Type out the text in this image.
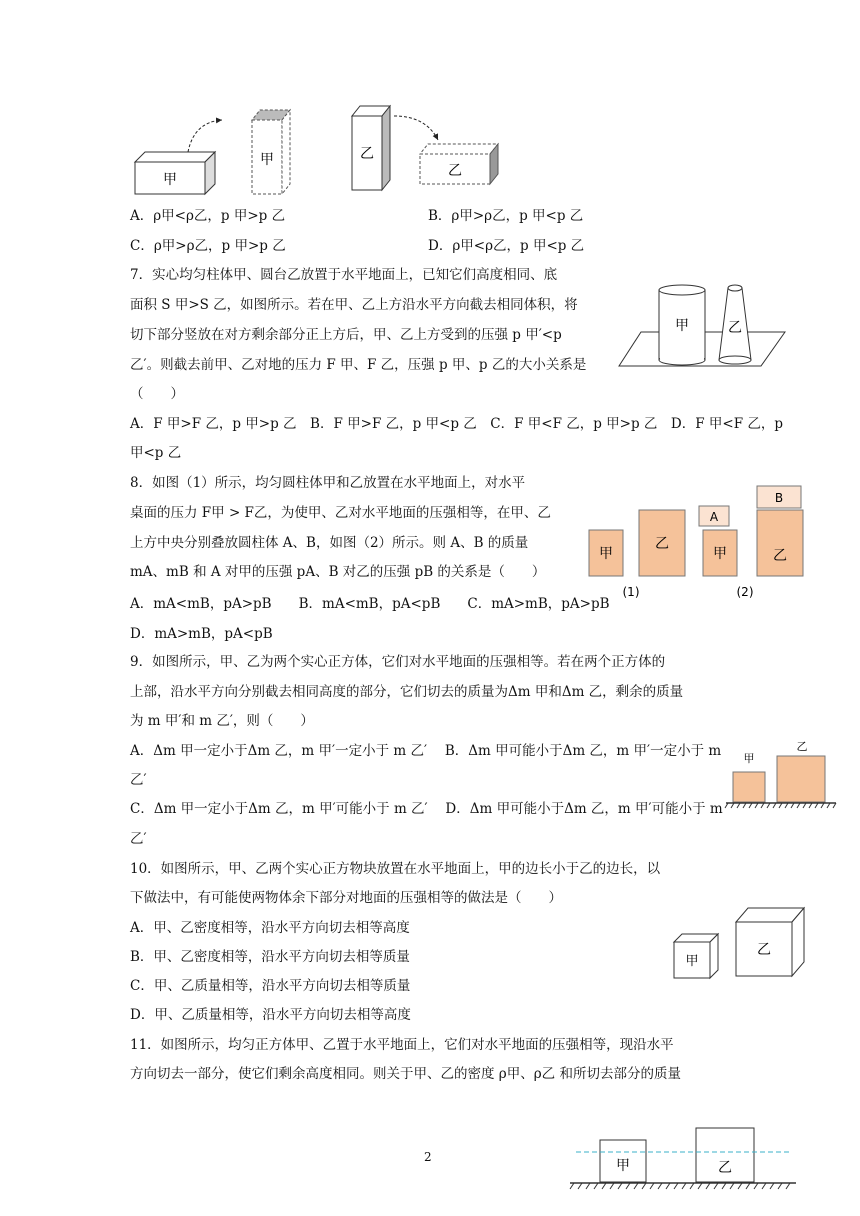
甲
甲	乙
乙
A．ρ甲<ρ乙，p 甲>p 乙	B．ρ甲>ρ乙，p 甲<p 乙
C．ρ甲>ρ乙，p 甲>p 乙	D．ρ甲<ρ乙，p 甲<p 乙
7．实心均匀柱体甲、圆台乙放置于水平地面上，已知它们高度相同、底
面积 S 甲>S 乙，如图所示。若在甲、乙上方沿水平方向截去相同体积，将
切下部分竖放在对方剩余部分正上方后，甲、乙上方受到的压强 p 甲′<p
乙′。则截去前甲、乙对地的压力 F 甲、F 乙，压强 p 甲、p 乙的大小关系是
（　　）
A．F 甲>F 乙，p 甲>p 乙　B．F 甲>F 乙，p 甲<p 乙　C．F 甲<F 乙，p 甲>p 乙　D．F 甲<F 乙，p
甲<p 乙
甲	乙
8．如图（1）所示，均匀圆柱体甲和乙放置在水平地面上，对水平
桌面的压力 F甲 > F乙，为使甲、乙对水平地面的压强相等，在甲、乙
上方中央分别叠放圆柱体 A、B，如图（2）所示。则 A、B 的质量
mA、mB 和 A 对甲的压强 pA、B 对乙的压强 pB 的关系是（　　）
A．mA<mB，pA>pB　　B．mA<mB，pA<pB　　C．mA>mB，pA>pB
D．mA>mB，pA<pB
甲
乙
(1)
A
甲
B
乙
(2)
9．如图所示，甲、乙为两个实心正方体，它们对水平地面的压强相等。若在两个正方体的
上部，沿水平方向分别截去相同高度的部分，它们切去的质量为Δm 甲和Δm 乙，剩余的质量
为 m 甲′和 m 乙′，则（　　）
A．Δm 甲一定小于Δm 乙，m 甲′一定小于 m 乙′　 B．Δm 甲可能小于Δm 乙，m 甲′一定小于 m
乙′
C．Δm 甲一定小于Δm 乙，m 甲′可能小于 m 乙′　 D．Δm 甲可能小于Δm 乙，m 甲′可能小于 m
乙′
甲
乙
10．如图所示，甲、乙两个实心正方物块放置在水平地面上，甲的边长小于乙的边长，以
下做法中，有可能使两物体余下部分对地面的压强相等的做法是（　　）
A．甲、乙密度相等，沿水平方向切去相等高度
B．甲、乙密度相等，沿水平方向切去相等质量
C．甲、乙质量相等，沿水平方向切去相等质量
D．甲、乙质量相等，沿水平方向切去相等高度
甲
乙
11．如图所示，均匀正方体甲、乙置于水平地面上，它们对水平地面的压强相等，现沿水平
方向切去一部分，使它们剩余高度相同。则关于甲、乙的密度 ρ甲、ρ乙 和所切去部分的质量
2
甲	乙
